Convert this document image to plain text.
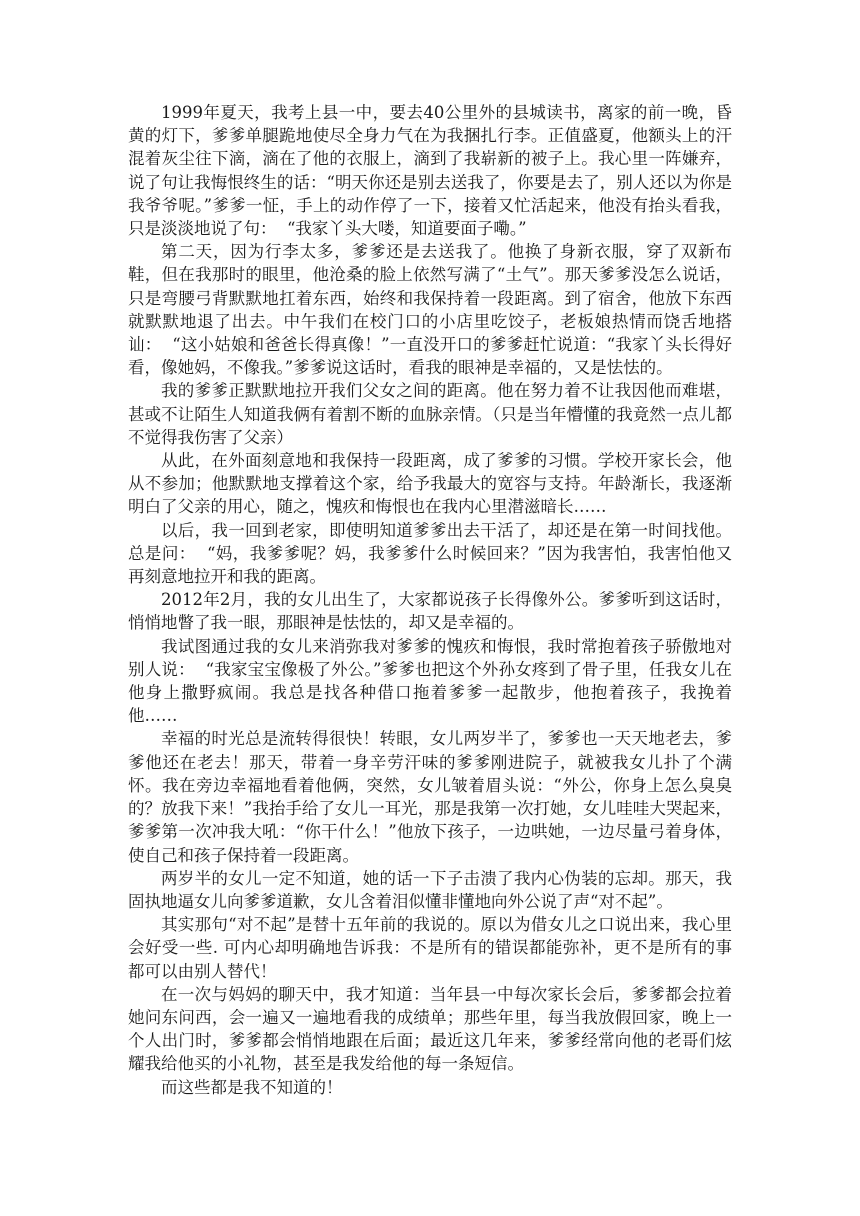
1999年夏天，我考上县一中，要去40公里外的县城读书，离家的前一晚，昏黄的灯下，爹爹单腿跪地使尽全身力气在为我捆扎行李。正值盛夏，他额头上的汗混着灰尘往下滴，滴在了他的衣服上，滴到了我崭新的被子上。我心里一阵嫌弃，说了句让我悔恨终生的话：“明天你还是别去送我了，你要是去了，别人还以为你是我爷爷呢。”爹爹一怔，手上的动作停了一下，接着又忙活起来，他没有抬头看我，只是淡淡地说了句：  “我家丫头大喽，知道要面子嘞。”

第二天，因为行李太多，爹爹还是去送我了。他换了身新衣服，穿了双新布鞋，但在我那时的眼里，他沧桑的脸上依然写满了“土气”。那天爹爹没怎么说话，只是弯腰弓背默默地扛着东西，始终和我保持着一段距离。到了宿舍，他放下东西就默默地退了出去。中午我们在校门口的小店里吃饺子，老板娘热情而饶舌地搭讪：  “这小姑娘和爸爸长得真像！”一直没开口的爹爹赶忙说道：“我家丫头长得好看，像她妈，不像我。”爹爹说这话时，看我的眼神是幸福的，又是怯怯的。

我的爹爹正默默地拉开我们父女之间的距离。他在努力着不让我因他而难堪，甚或不让陌生人知道我俩有着割不断的血脉亲情。（只是当年懵懂的我竟然一点儿都不觉得我伤害了父亲）

从此，在外面刻意地和我保持一段距离，成了爹爹的习惯。学校开家长会，他从不参加；他默默地支撑着这个家，给予我最大的宽容与支持。年龄渐长，我逐渐明白了父亲的用心，随之，愧疚和悔恨也在我内心里潜滋暗长……

以后，我一回到老家，即使明知道爹爹出去干活了，却还是在第一时间找他。总是问：  “妈，我爹爹呢？妈，我爹爹什么时候回来？”因为我害怕，我害怕他又再刻意地拉开和我的距离。

2012年2月，我的女儿出生了，大家都说孩子长得像外公。爹爹听到这话时，悄悄地瞥了我一眼，那眼神是怯怯的，却又是幸福的。

我试图通过我的女儿来消弥我对爹爹的愧疚和悔恨，我时常抱着孩子骄傲地对别人说：  “我家宝宝像极了外公。”爹爹也把这个外孙女疼到了骨子里，任我女儿在他身上撒野疯闹。我总是找各种借口拖着爹爹一起散步，他抱着孩子，我挽着他……

幸福的时光总是流转得很快！转眼，女儿两岁半了，爹爹也一天天地老去，爹爹他还在老去！那天，带着一身辛劳汗味的爹爹刚进院子，就被我女儿扑了个满怀。我在旁边幸福地看着他俩，突然，女儿皱着眉头说：“外公，你身上怎么臭臭的？放我下来！”我抬手给了女儿一耳光，那是我第一次打她，女儿哇哇大哭起来，爹爹第一次冲我大吼：“你干什么！”他放下孩子，一边哄她，一边尽量弓着身体，使自己和孩子保持着一段距离。

两岁半的女儿一定不知道，她的话一下子击溃了我内心伪装的忘却。那天，我固执地逼女儿向爹爹道歉，女儿含着泪似懂非懂地向外公说了声“对不起”。

其实那句“对不起”是替十五年前的我说的。原以为借女儿之口说出来，我心里会好受一些. 可内心却明确地告诉我：不是所有的错误都能弥补，更不是所有的事都可以由别人替代！

在一次与妈妈的聊天中，我才知道：当年县一中每次家长会后，爹爹都会拉着她问东问西，会一遍又一遍地看我的成绩单；那些年里，每当我放假回家，晚上一个人出门时，爹爹都会悄悄地跟在后面；最近这几年来，爹爹经常向他的老哥们炫耀我给他买的小礼物，甚至是我发给他的每一条短信。

而这些都是我不知道的！
